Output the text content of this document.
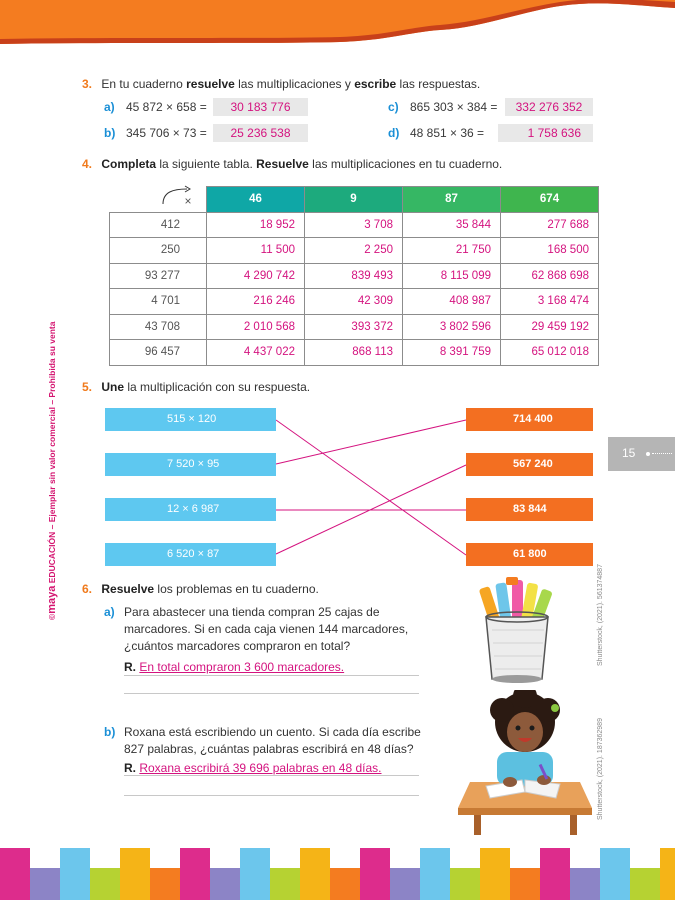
©maya EDUCACIÓN – Ejemplar sin valor comercial – Prohibida su venta	15
3. En tu cuaderno resuelve las multiplicaciones y escribe las respuestas.
a) 45 872 × 658 =	30 183 776
b) 345 706 × 73 =	25 236 538
c) 865 303 × 384 =	332 276 352
d) 48 851 × 36 =	1 758 636
4. Completa la siguiente tabla. Resuelve las multiplicaciones en tu cuaderno.
×	46	9	87	674
412	18 952	3 708	35 844	277 688
250	11 500	2 250	21 750	168 500
93 277	4 290 742	839 493	8 115 099	62 868 698
4 701	216 246	42 309	408 987	3 168 474
43 708	2 010 568	393 372	3 802 596	29 459 192
96 457	4 437 022	868 113	8 391 759	65 012 018
5. Une la multiplicación con su respuesta.
515 × 120
7 520 × 95
12 × 6 987
6 520 × 87
714 400
567 240
83 844
61 800
6. Resuelve los problemas en tu cuaderno.
a) Para abastecer una tienda compran 25 cajas de
marcadores. Si en cada caja vienen 144 marcadores,
¿cuántos marcadores compraron en total?
R. En total compraron 3 600 marcadores.
b) Roxana está escribiendo un cuento. Si cada día escribe
827 palabras, ¿cuántas palabras escribirá en 48 días?
R. Roxana escribirá 39 696 palabras en 48 días.
Shutterstock, (2021). 561374887
Shutterstock, (2021). 187362989
